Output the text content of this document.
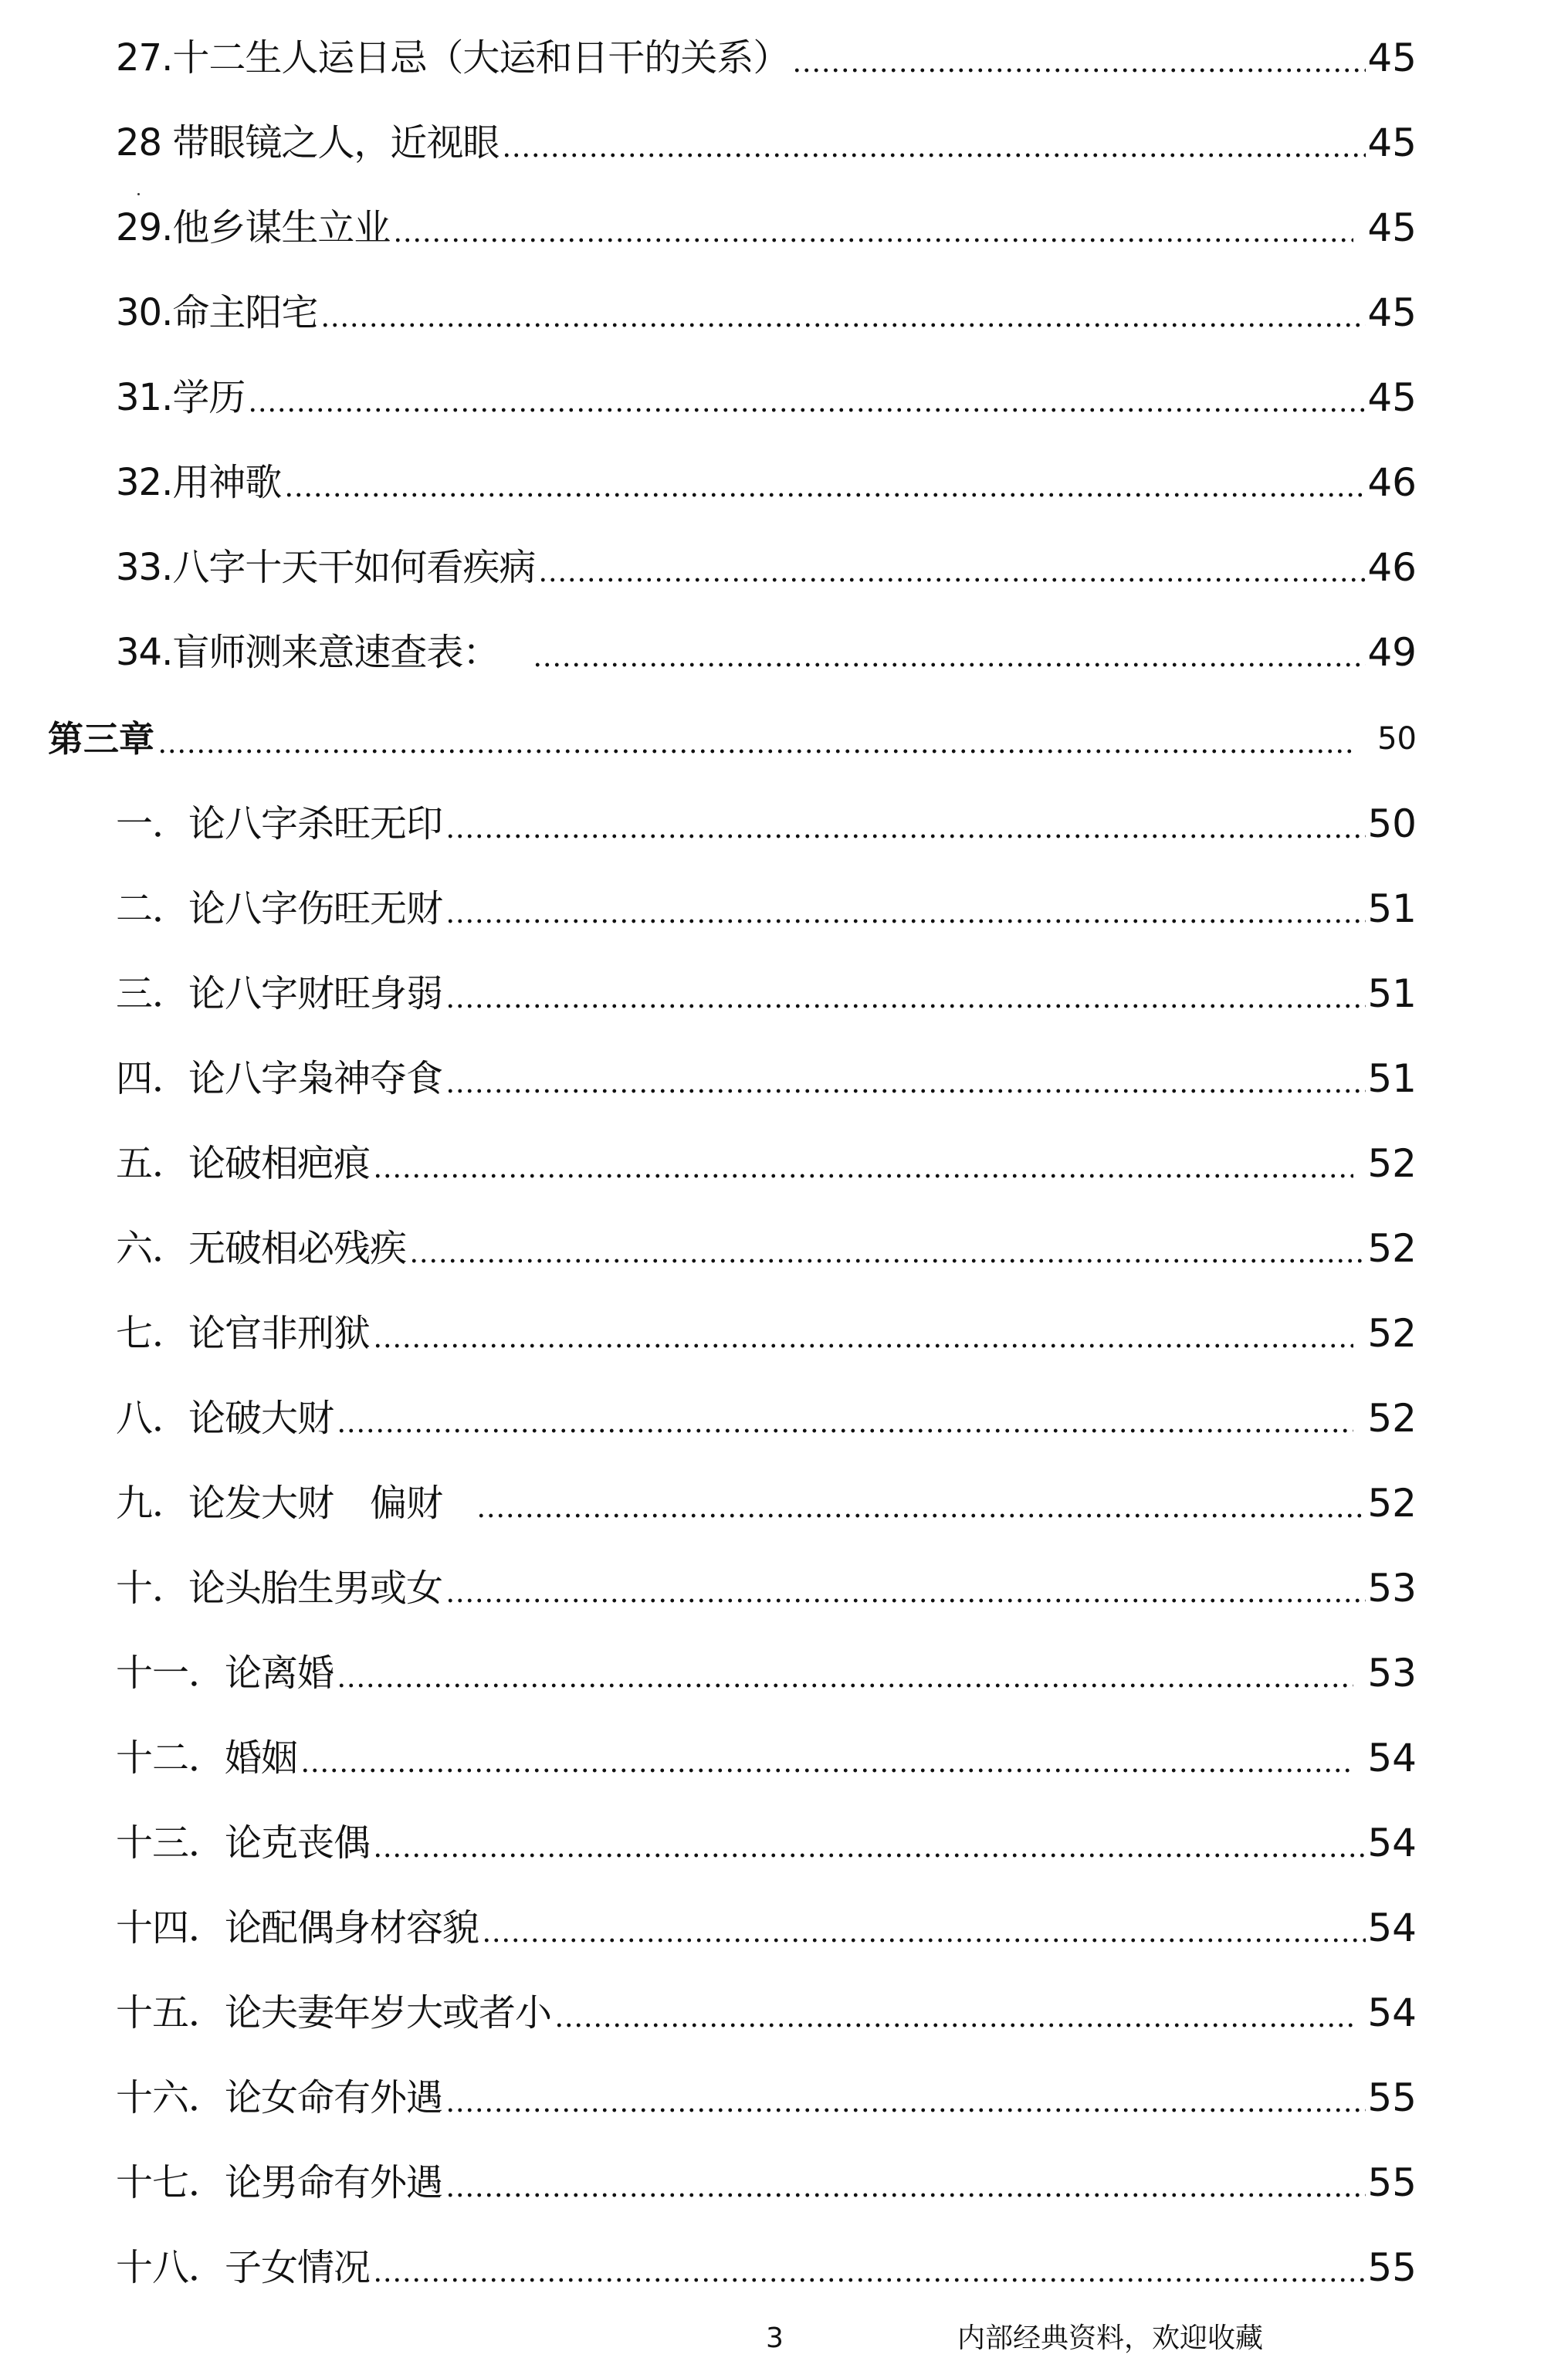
27.十二生人运日忌（大运和日干的关系）	45
28 带眼镜之人，近视眼	45
29.他乡谋生立业	45
30.命主阳宅	45
31.学历	45
32.用神歌	46
33.八字十天干如何看疾病	46
34.盲师测来意速查表：	49
第三章	50
一．论八字杀旺无印	50
二．论八字伤旺无财	51
三．论八字财旺身弱	51
四．论八字枭神夺食	51
五．论破相疤痕	52
六．无破相必残疾	52
七．论官非刑狱	52
八．论破大财	52
九．论发大财　偏财	52
十．论头胎生男或女	53
十一．论离婚	53
十二．婚姻	54
十三．论克丧偶	54
十四．论配偶身材容貌	54
十五．论夫妻年岁大或者小	54
十六．论女命有外遇	55
十七．论男命有外遇	55
十八．子女情况	55
3	内部经典资料，欢迎收藏
